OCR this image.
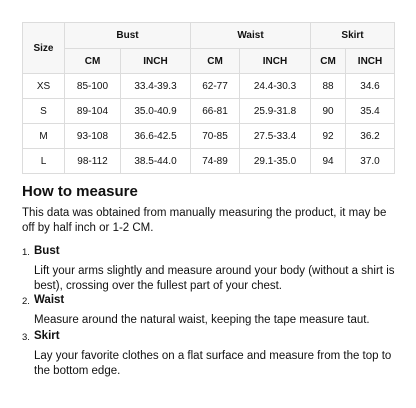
Size	Bust		Waist		Skirt	
	CM	INCH	CM	INCH	CM	INCH
XS	85-100	33.4-39.3	62-77	24.4-30.3	88	34.6
S	89-104	35.0-40.9	66-81	25.9-31.8	90	35.4
M	93-108	36.6-42.5	70-85	27.5-33.4	92	36.2
L	98-112	38.5-44.0	74-89	29.1-35.0	94	37.0
How to measure

This data was obtained from manually measuring the product, it may be off by half inch or 1-2 CM.

1. Bust

Lift your arms slightly and measure around your body (without a shirt is best), crossing over the fullest part of your chest.

2. Waist

Measure around the natural waist, keeping the tape measure taut.

3. Skirt

Lay your favorite clothes on a flat surface and measure from the top to the bottom edge.
